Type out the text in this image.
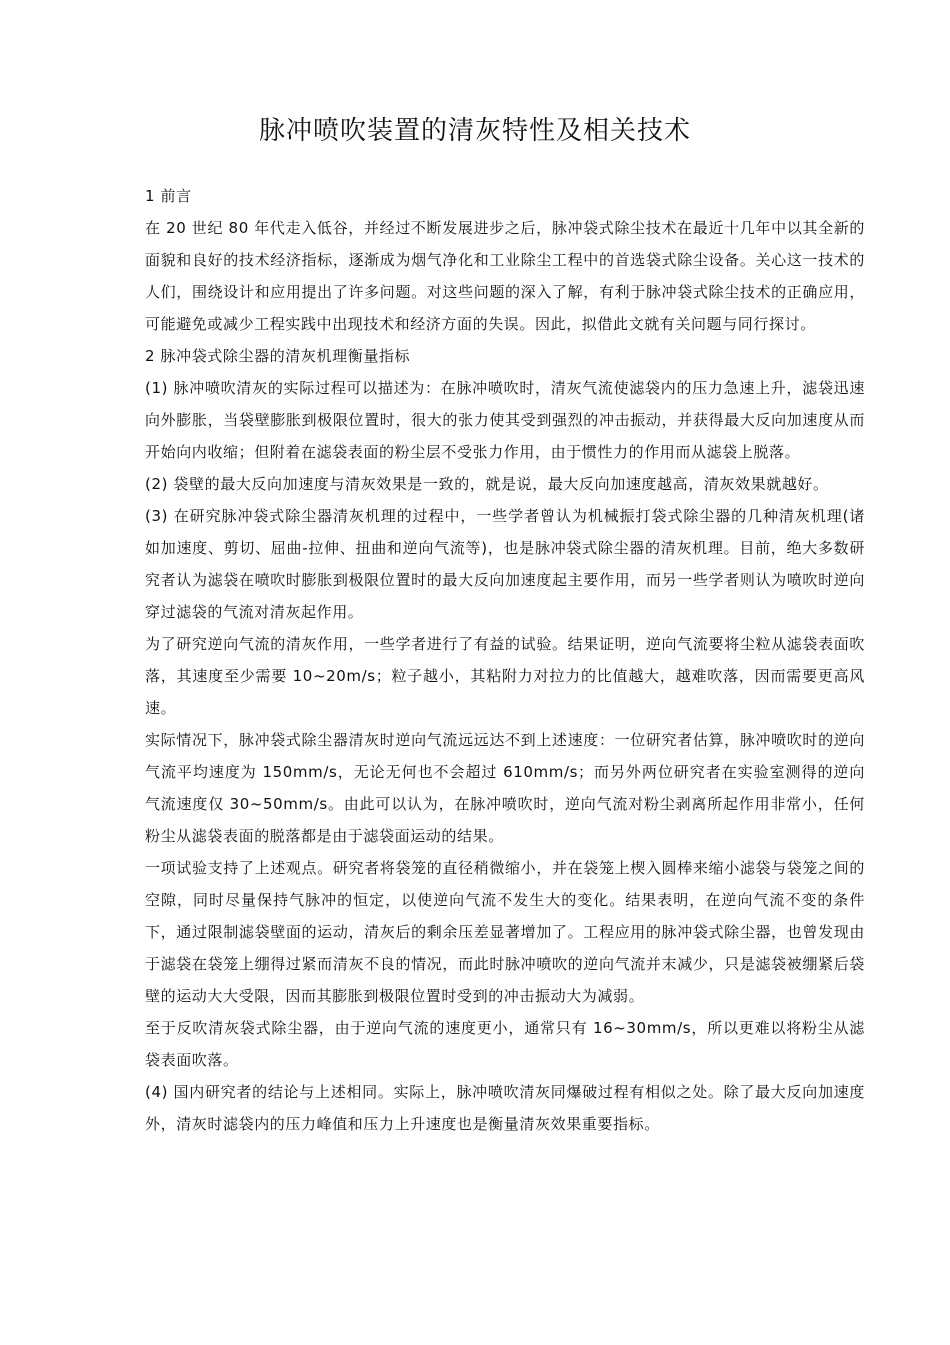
脉冲喷吹装置的清灰特性及相关技术

1 前言

在 20 世纪 80 年代走入低谷，并经过不断发展进步之后，脉冲袋式除尘技术在最近十几年中以其全新的面貌和良好的技术经济指标，逐渐成为烟气净化和工业除尘工程中的首选袋式除尘设备。关心这一技术的人们，围绕设计和应用提出了许多问题。对这些问题的深入了解，有利于脉冲袋式除尘技术的正确应用，可能避免或减少工程实践中出现技术和经济方面的失误。因此，拟借此文就有关问题与同行探讨。

2 脉冲袋式除尘器的清灰机理衡量指标

(1) 脉冲喷吹清灰的实际过程可以描述为：在脉冲喷吹时，清灰气流使滤袋内的压力急速上升，滤袋迅速向外膨胀，当袋壁膨胀到极限位置时，很大的张力使其受到强烈的冲击振动，并获得最大反向加速度从而开始向内收缩；但附着在滤袋表面的粉尘层不受张力作用，由于惯性力的作用而从滤袋上脱落。

(2) 袋壁的最大反向加速度与清灰效果是一致的，就是说，最大反向加速度越高，清灰效果就越好。

(3) 在研究脉冲袋式除尘器清灰机理的过程中，一些学者曾认为机械振打袋式除尘器的几种清灰机理(诸如加速度、剪切、屈曲-拉伸、扭曲和逆向气流等)，也是脉冲袋式除尘器的清灰机理。目前，绝大多数研究者认为滤袋在喷吹时膨胀到极限位置时的最大反向加速度起主要作用，而另一些学者则认为喷吹时逆向穿过滤袋的气流对清灰起作用。

为了研究逆向气流的清灰作用，一些学者进行了有益的试验。结果证明，逆向气流要将尘粒从滤袋表面吹落，其速度至少需要 10~20m/s；粒子越小，其粘附力对拉力的比值越大，越难吹落，因而需要更高风速。

实际情况下，脉冲袋式除尘器清灰时逆向气流远远达不到上述速度：一位研究者估算，脉冲喷吹时的逆向气流平均速度为 150mm/s，无论无何也不会超过 610mm/s；而另外两位研究者在实验室测得的逆向气流速度仅 30~50mm/s。由此可以认为，在脉冲喷吹时，逆向气流对粉尘剥离所起作用非常小，任何粉尘从滤袋表面的脱落都是由于滤袋面运动的结果。

一项试验支持了上述观点。研究者将袋笼的直径稍微缩小，并在袋笼上楔入圆棒来缩小滤袋与袋笼之间的空隙，同时尽量保持气脉冲的恒定，以使逆向气流不发生大的变化。结果表明，在逆向气流不变的条件下，通过限制滤袋壁面的运动，清灰后的剩余压差显著增加了。工程应用的脉冲袋式除尘器，也曾发现由于滤袋在袋笼上绷得过紧而清灰不良的情况，而此时脉冲喷吹的逆向气流并末减少，只是滤袋被绷紧后袋壁的运动大大受限，因而其膨胀到极限位置时受到的冲击振动大为减弱。

至于反吹清灰袋式除尘器，由于逆向气流的速度更小，通常只有 16~30mm/s，所以更难以将粉尘从滤袋表面吹落。

(4) 国内研究者的结论与上述相同。实际上，脉冲喷吹清灰同爆破过程有相似之处。除了最大反向加速度外，清灰时滤袋内的压力峰值和压力上升速度也是衡量清灰效果重要指标。
